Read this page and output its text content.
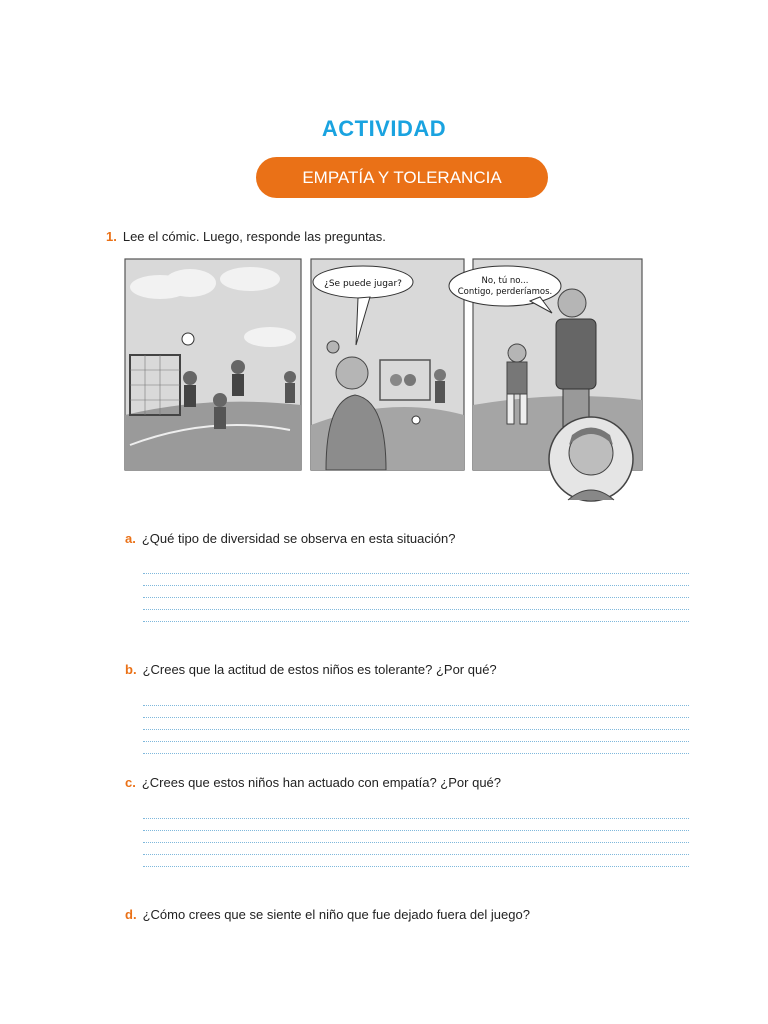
ACTIVIDAD
EMPATÍA Y TOLERANCIA
1. Lee el cómic. Luego, responde las preguntas.
¿Se puede jugar?	No, tú no...
Contigo, perderíamos.
a. ¿Qué tipo de diversidad se observa en esta situación?
b. ¿Crees que la actitud de estos niños es tolerante? ¿Por qué?
c. ¿Crees que estos niños han actuado con empatía? ¿Por qué?
d. ¿Cómo crees que se siente el niño que fue dejado fuera del juego?
